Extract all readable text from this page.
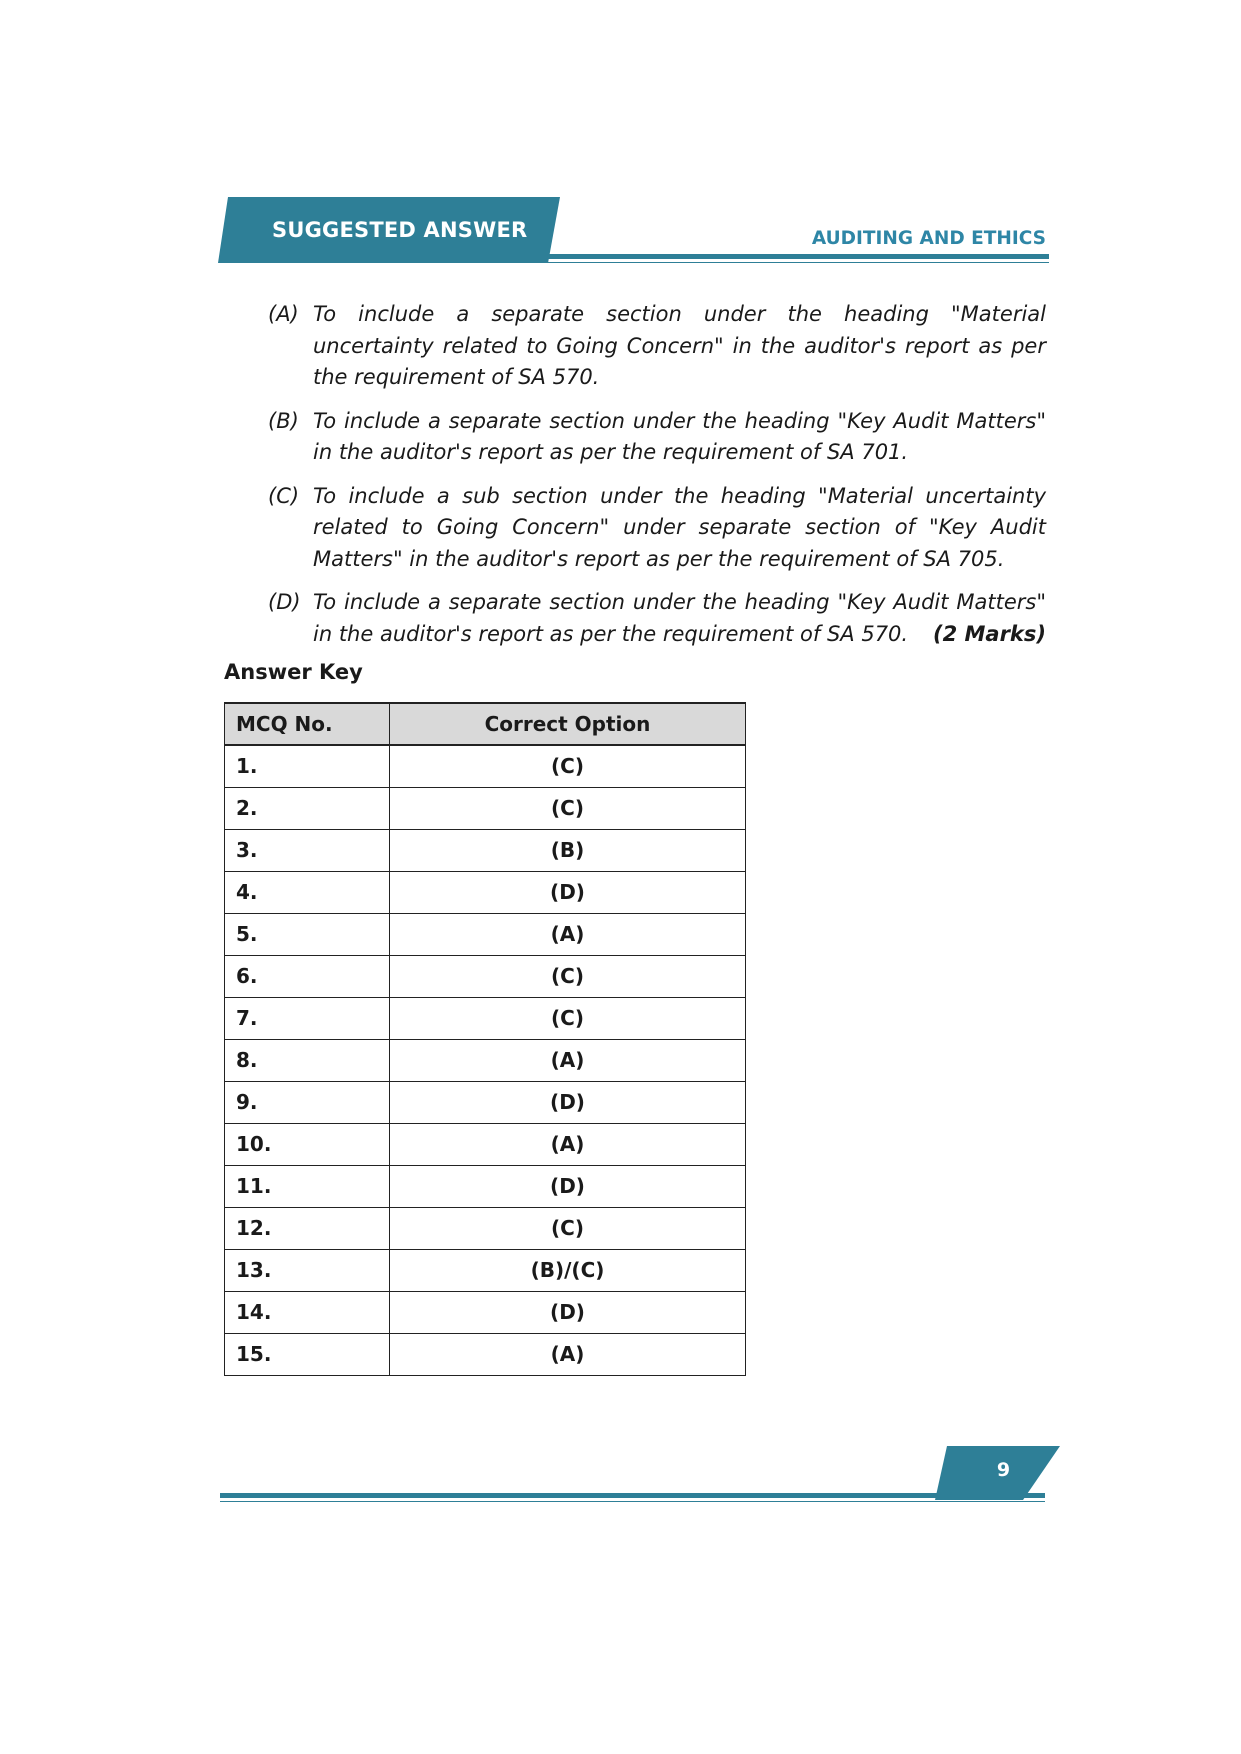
SUGGESTED ANSWER	AUDITING AND ETHICS
(A) To include a separate section under the heading "Material uncertainty related to Going Concern" in the auditor's report as per the requirement of SA 570.
(B) To include a separate section under the heading "Key Audit Matters" in the auditor's report as per the requirement of SA 701.
(C) To include a sub section under the heading "Material uncertainty related to Going Concern" under separate section of "Key Audit Matters" in the auditor's report as per the requirement of SA 705.
(D) To include a separate section under the heading "Key Audit Matters" in the auditor's report as per the requirement of SA 570. (2 Marks)
Answer Key
MCQ No.	Correct Option
1.	(C)
2.	(C)
3.	(B)
4.	(D)
5.	(A)
6.	(C)
7.	(C)
8.	(A)
9.	(D)
10.	(A)
11.	(D)
12.	(C)
13.	(B)/(C)
14.	(D)
15.	(A)
9
